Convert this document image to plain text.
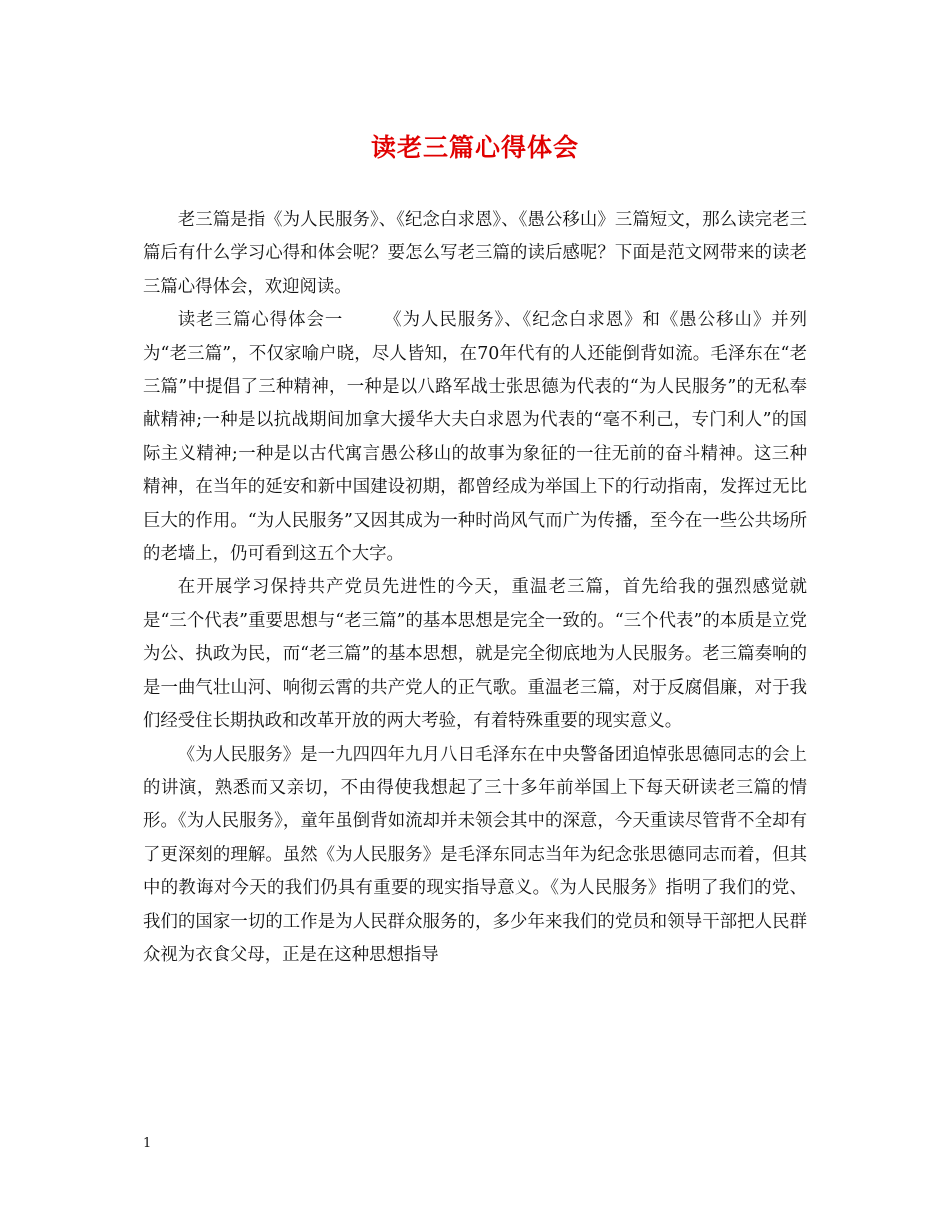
读老三篇心得体会

老三篇是指《为人民服务》、《纪念白求恩》、《愚公移山》三篇短文，那么读完老三篇后有什么学习心得和体会呢？要怎么写老三篇的读后感呢？下面是范文网带来的读老三篇心得体会，欢迎阅读。

读老三篇心得体会一 《为人民服务》、《纪念白求恩》和《愚公移山》并列为“老三篇”，不仅家喻户晓，尽人皆知，在70年代有的人还能倒背如流。毛泽东在“老三篇”中提倡了三种精神，一种是以八路军战士张思德为代表的“为人民服务”的无私奉献精神;一种是以抗战期间加拿大援华大夫白求恩为代表的“毫不利己，专门利人”的国际主义精神;一种是以古代寓言愚公移山的故事为象征的一往无前的奋斗精神。这三种精神，在当年的延安和新中国建设初期，都曾经成为举国上下的行动指南，发挥过无比巨大的作用。“为人民服务”又因其成为一种时尚风气而广为传播，至今在一些公共场所的老墙上，仍可看到这五个大字。

在开展学习保持共产党员先进性的今天，重温老三篇，首先给我的强烈感觉就是“三个代表”重要思想与“老三篇”的基本思想是完全一致的。“三个代表”的本质是立党为公、执政为民，而“老三篇”的基本思想，就是完全彻底地为人民服务。老三篇奏响的是一曲气壮山河、响彻云霄的共产党人的正气歌。重温老三篇，对于反腐倡廉，对于我们经受住长期执政和改革开放的两大考验，有着特殊重要的现实意义。

《为人民服务》是一九四四年九月八日毛泽东在中央警备团追悼张思德同志的会上的讲演，熟悉而又亲切，不由得使我想起了三十多年前举国上下每天研读老三篇的情形。《为人民服务》，童年虽倒背如流却并未领会其中的深意，今天重读尽管背不全却有了更深刻的理解。虽然《为人民服务》是毛泽东同志当年为纪念张思德同志而着，但其中的教诲对今天的我们仍具有重要的现实指导意义。《为人民服务》指明了我们的党、我们的国家一切的工作是为人民群众服务的，多少年来我们的党员和领导干部把人民群众视为衣食父母，正是在这种思想指导

1
